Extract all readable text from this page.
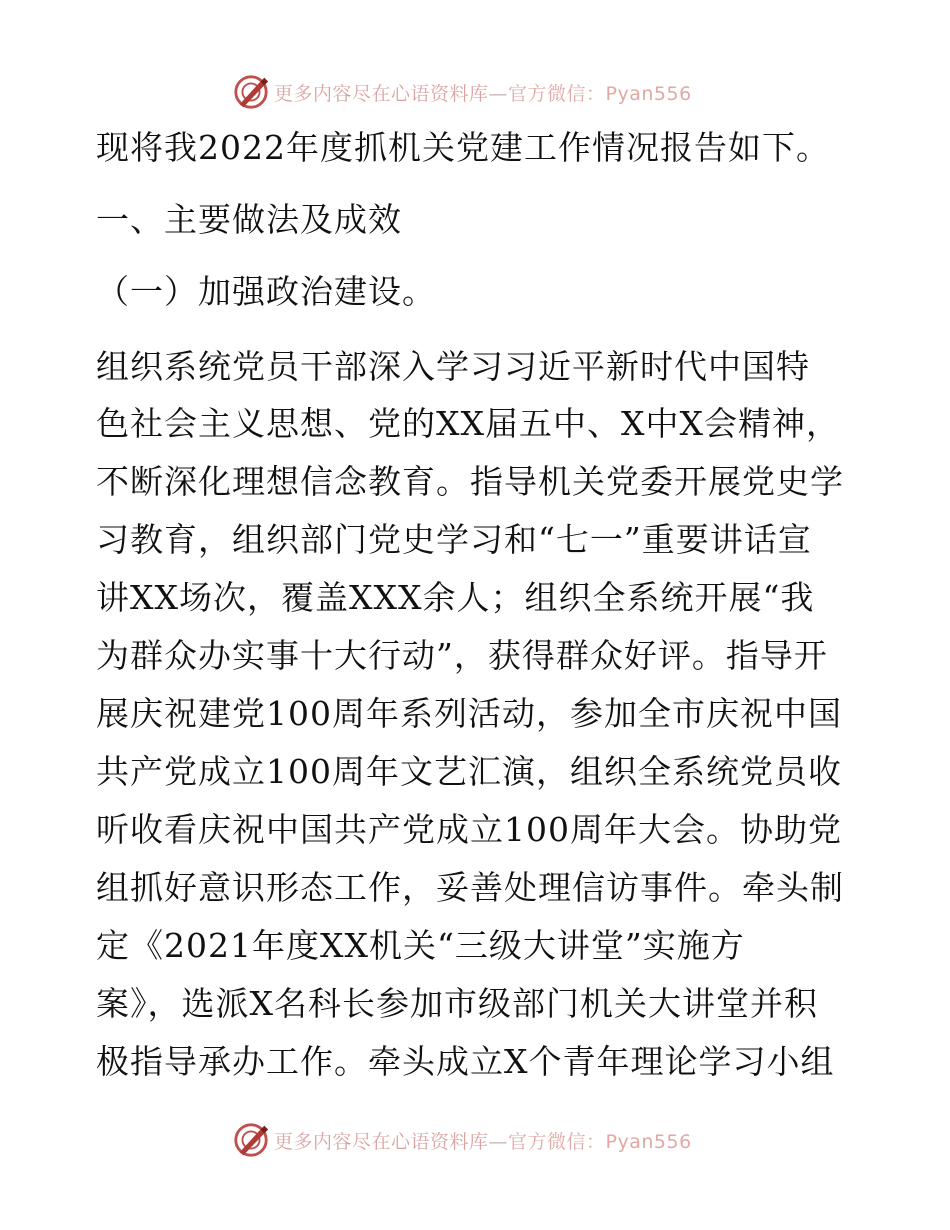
更多内容尽在心语资料库—官方微信：Pyan556
现将我2022年度抓机关党建工作情况报告如下。
一、主要做法及成效
（一）加强政治建设。
组织系统党员干部深入学习习近平新时代中国特
色社会主义思想、党的XX届五中、X中X会精神，
不断深化理想信念教育。指导机关党委开展党史学
习教育，组织部门党史学习和“七一”重要讲话宣
讲XX场次，覆盖XXX余人；组织全系统开展“我
为群众办实事十大行动”，获得群众好评。指导开
展庆祝建党100周年系列活动，参加全市庆祝中国
共产党成立100周年文艺汇演，组织全系统党员收
听收看庆祝中国共产党成立100周年大会。协助党
组抓好意识形态工作，妥善处理信访事件。牵头制
定《2021年度XX机关“三级大讲堂”实施方
案》，选派X名科长参加市级部门机关大讲堂并积
极指导承办工作。牵头成立X个青年理论学习小组
更多内容尽在心语资料库—官方微信：Pyan556
